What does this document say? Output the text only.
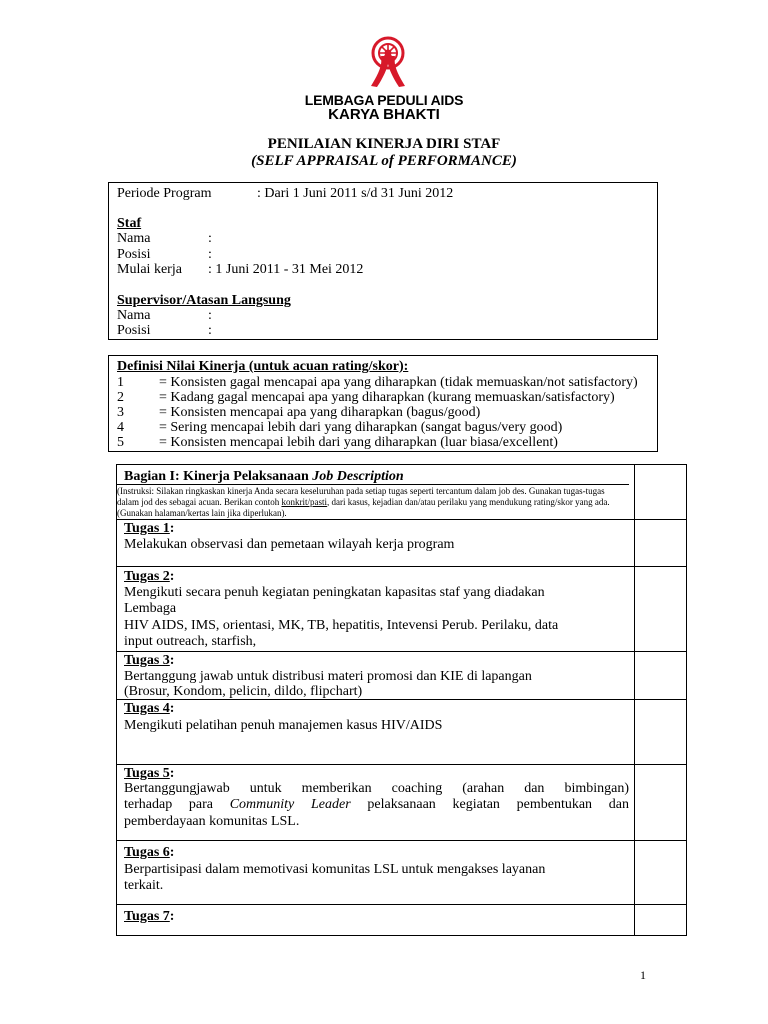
LEMBAGA PEDULI AIDS
KARYA BHAKTI
PENILAIAN KINERJA DIRI STAF
(SELF APPRAISAL of PERFORMANCE)
Periode Program	: Dari 1 Juni 2011 s/d 31 Juni 2012
Staf
Nama	:
Posisi	:
Mulai kerja : 1 Juni 2011 - 31 Mei 2012
Supervisor/Atasan Langsung
Nama	:
Posisi	:
Definisi Nilai Kinerja (untuk acuan rating/skor):
1	= Konsisten gagal mencapai apa yang diharapkan (tidak memuaskan/not satisfactory)
2	= Kadang gagal mencapai apa yang diharapkan (kurang memuaskan/satisfactory)
3	= Konsisten mencapai apa yang diharapkan (bagus/good)
4	= Sering mencapai lebih dari yang diharapkan (sangat bagus/very good)
5	= Konsisten mencapai lebih dari yang diharapkan (luar biasa/excellent)
Bagian I: Kinerja Pelaksanaan Job Description
(Instruksi: Silakan ringkaskan kinerja Anda secara keseluruhan pada setiap tugas seperti tercantum dalam job des. Gunakan tugas-tugas dalam jod des sebagai acuan. Berikan contoh konkrit/pasti, dari kasus, kejadian dan/atau perilaku yang mendukung rating/skor yang ada. (Gunakan halaman/kertas lain jika diperlukan).
Tugas 1:
Melakukan observasi dan pemetaan wilayah kerja program
Tugas 2:
Mengikuti secara penuh kegiatan peningkatan kapasitas staf yang diadakan
Lembaga
HIV AIDS, IMS, orientasi, MK, TB, hepatitis, Intevensi Perub. Perilaku, data
input outreach, starfish,
Tugas 3:
Bertanggung jawab untuk distribusi materi promosi dan KIE di lapangan
(Brosur, Kondom, pelicin, dildo, flipchart)
Tugas 4:
Mengikuti pelatihan penuh manajemen kasus HIV/AIDS
Tugas 5:
Bertanggungjawab untuk memberikan coaching (arahan dan bimbingan)
terhadap para Community Leader pelaksanaan kegiatan pembentukan dan
pemberdayaan komunitas LSL.
Tugas 6:
Berpartisipasi dalam memotivasi komunitas LSL untuk mengakses layanan
terkait.
Tugas 7:
1
